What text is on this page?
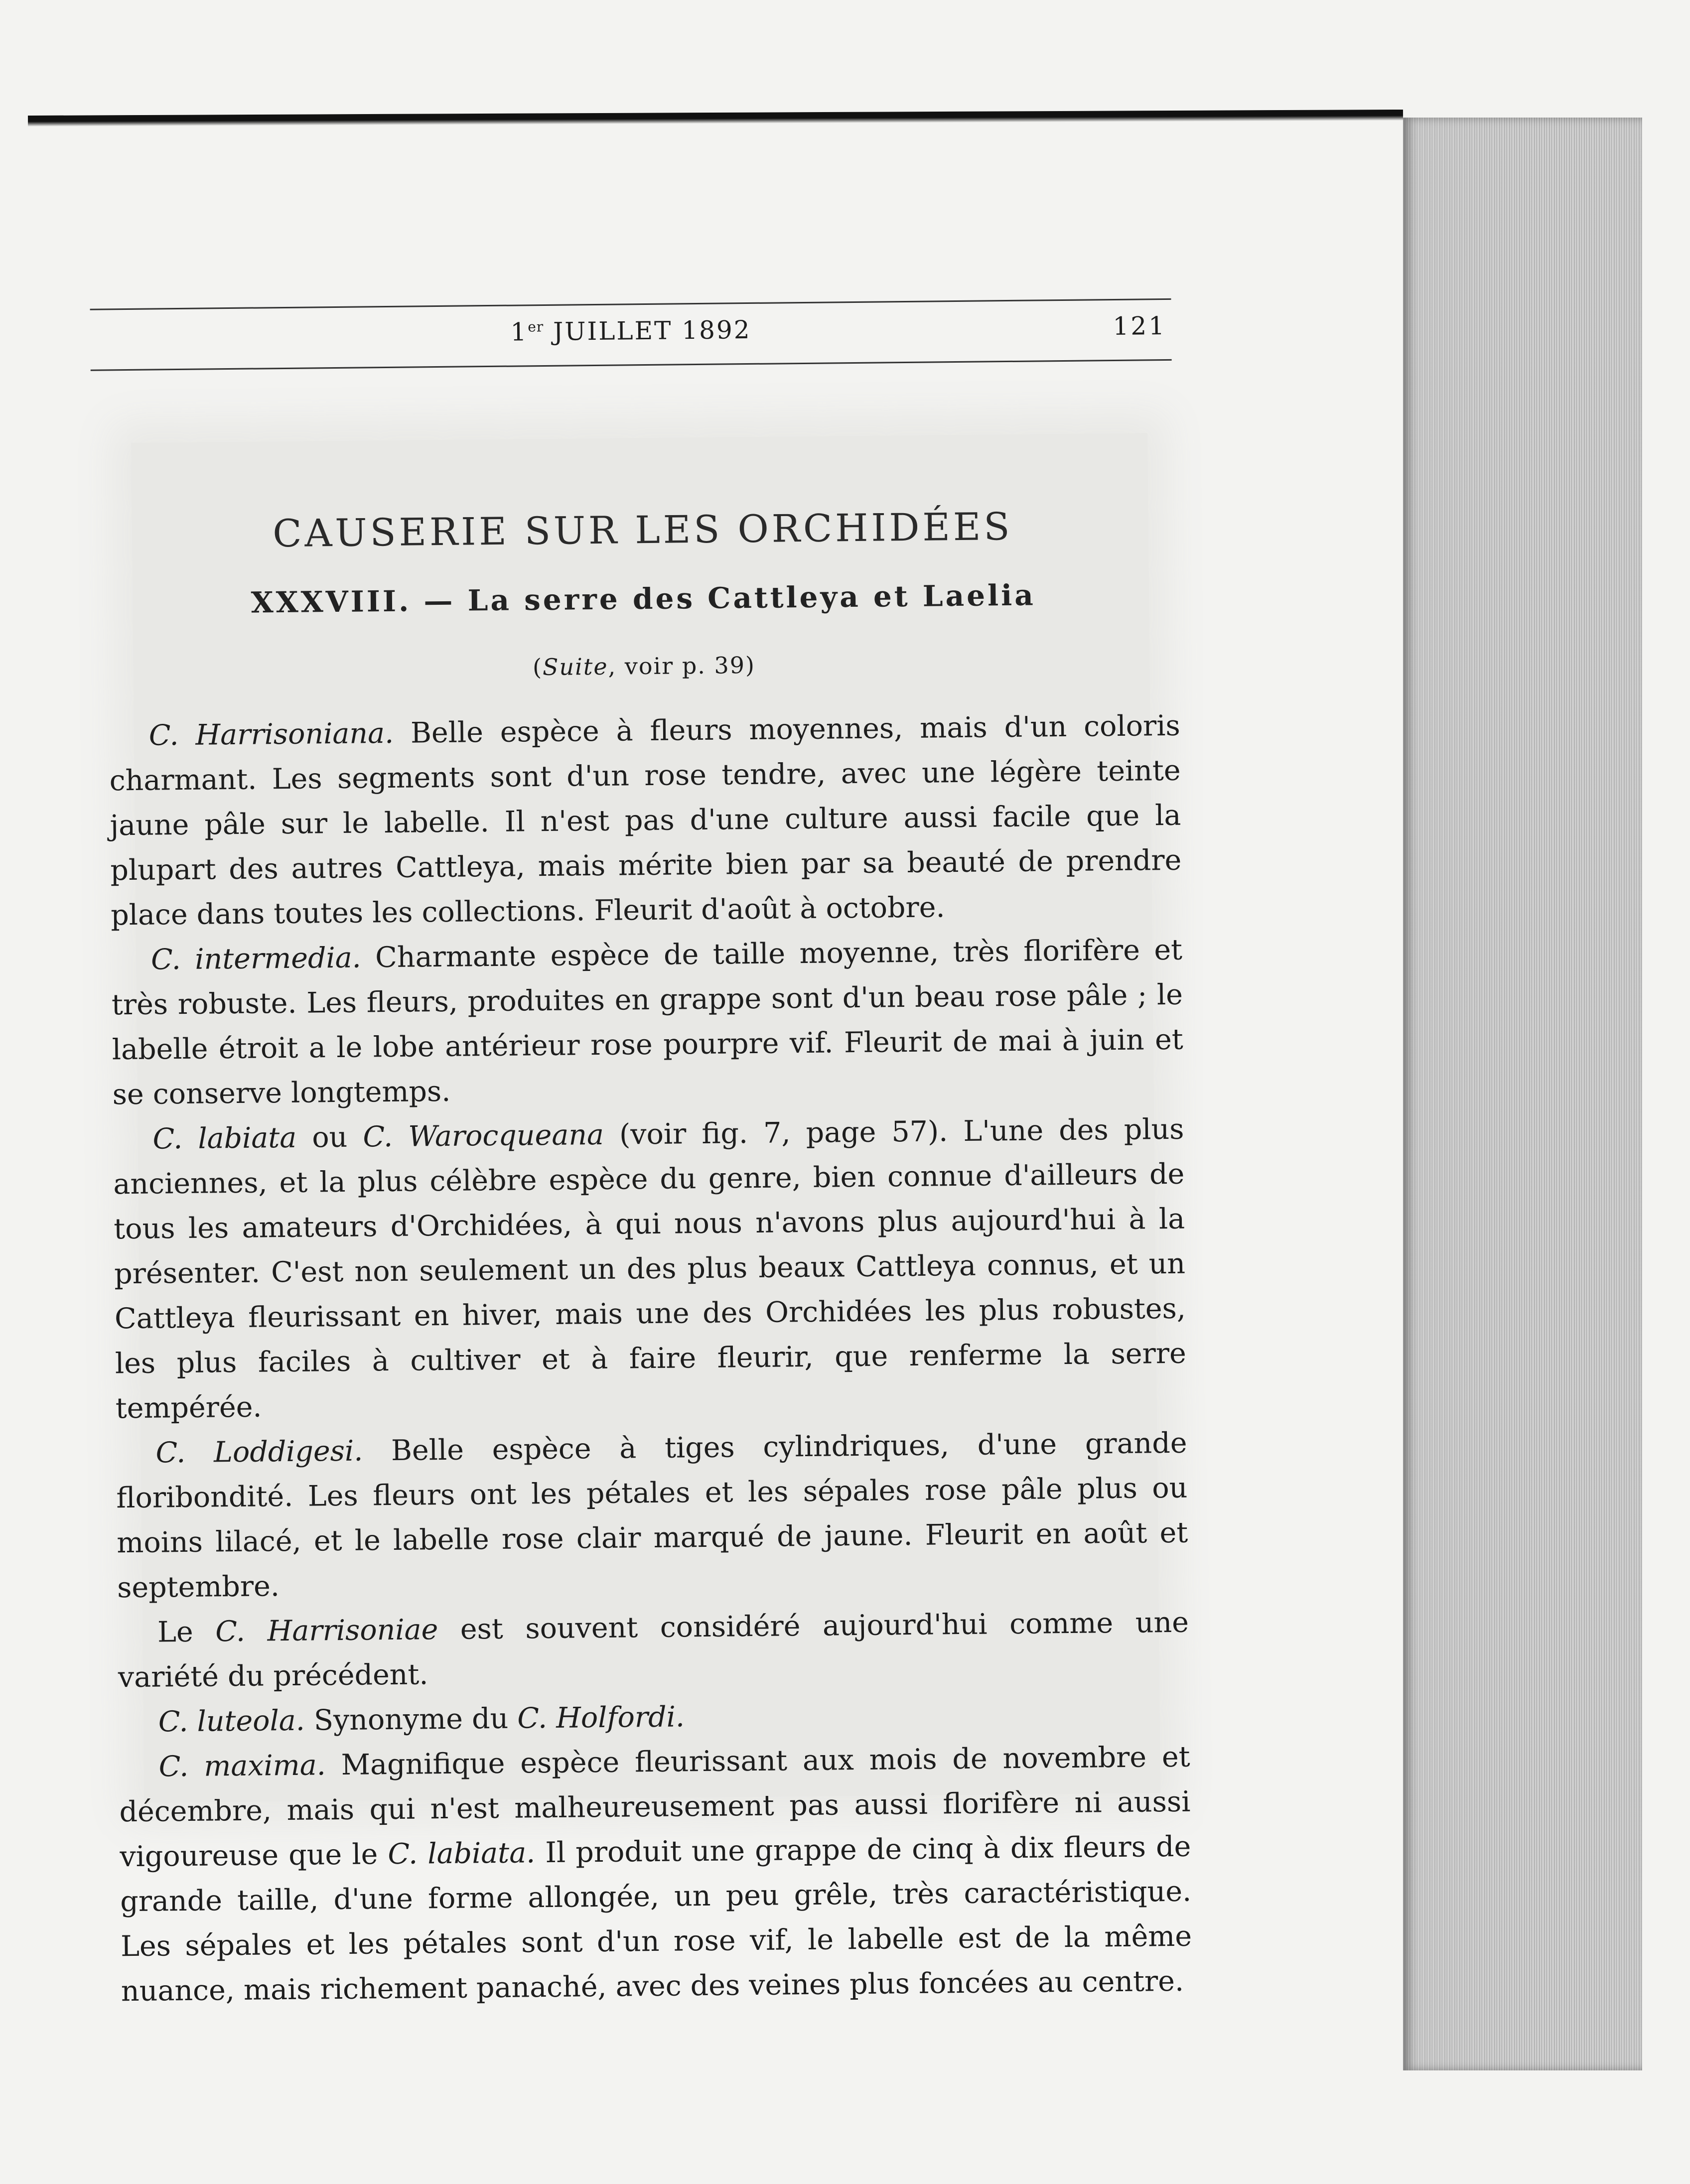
1er JUILLET 1892	121
CAUSERIE SUR LES ORCHIDÉES
XXXVIII. — La serre des Cattleya et Laelia
(Suite, voir p. 39)

C. Harrisoniana. Belle espèce à fleurs moyennes, mais d'un coloris charmant. Les segments sont d'un rose tendre, avec une légère teinte jaune pâle sur le labelle. Il n'est pas d'une culture aussi facile que la plupart des autres Cattleya, mais mérite bien par sa beauté de prendre place dans toutes les collections. Fleurit d'août à octobre.

C. intermedia. Charmante espèce de taille moyenne, très florifère et très robuste. Les fleurs, produites en grappe sont d'un beau rose pâle ; le labelle étroit a le lobe antérieur rose pourpre vif. Fleurit de mai à juin et se conserve longtemps.

C. labiata ou C. Warocqueana (voir fig. 7, page 57). L'une des plus anciennes, et la plus célèbre espèce du genre, bien connue d'ailleurs de tous les amateurs d'Orchidées, à qui nous n'avons plus aujourd'hui à la présenter. C'est non seulement un des plus beaux Cattleya connus, et un Cattleya fleurissant en hiver, mais une des Orchidées les plus robustes, les plus faciles à cultiver et à faire fleurir, que renferme la serre tempérée.

C. Loddigesi. Belle espèce à tiges cylindriques, d'une grande floribondité. Les fleurs ont les pétales et les sépales rose pâle plus ou moins lilacé, et le labelle rose clair marqué de jaune. Fleurit en août et septembre.

Le C. Harrisoniae est souvent considéré aujourd'hui comme une variété du précédent.

C. luteola. Synonyme du C. Holfordi.

C. maxima. Magnifique espèce fleurissant aux mois de novembre et décembre, mais qui n'est malheureusement pas aussi florifère ni aussi vigoureuse que le C. labiata. Il produit une grappe de cinq à dix fleurs de grande taille, d'une forme allongée, un peu grêle, très caractéristique. Les sépales et les pétales sont d'un rose vif, le labelle est de la même nuance, mais richement panaché, avec des veines plus foncées au centre.
